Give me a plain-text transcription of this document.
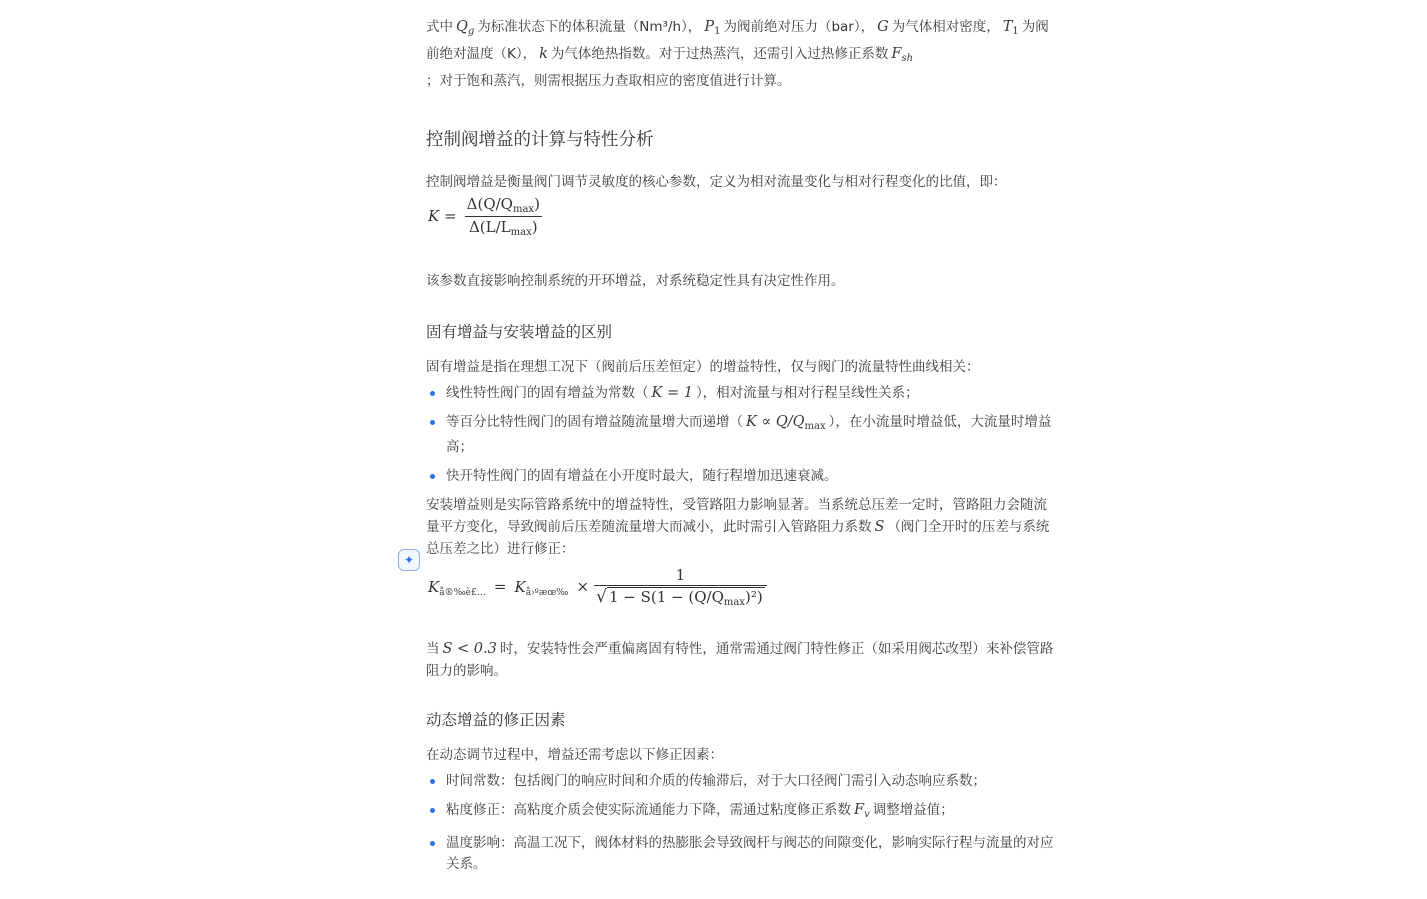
式中 $Q_g$ 为标准状态下的体积流量（Nm³/h）， $P_1$ 为阀前绝对压力（bar）， G 为气体相对密度， $T_1$ 为阀前绝对温度（K）， k 为气体绝热指数。对于过热蒸汽，还需引入过热修正系数 $F_{sh}$
；对于饱和蒸汽，则需根据压力查取相应的密度值进行计算。

控制阀增益的计算与特性分析

控制阀增益是衡量阀门调节灵敏度的核心参数，定义为相对流量变化与相对行程变化的比值，即：

$K = \frac{\Delta(Q/Q_{max})}{\Delta(L/L_{max})}$

该参数直接影响控制系统的开环增益，对系统稳定性具有决定性作用。

固有增益与安装增益的区别

固有增益是指在理想工况下（阀前后压差恒定）的增益特性，仅与阀门的流量特性曲线相关：

线性特性阀门的固有增益为常数（ K = 1 ），相对流量与相对行程呈线性关系；
等百分比特性阀门的固有增益随流量增大而递增（ $K \propto Q/Q_{max}$ ），在小流量时增益低，大流量时增益高；
快开特性阀门的固有增益在小开度时最大，随行程增加迅速衰减。

安装增益则是实际管路系统中的增益特性，受管路阻力影响显著。当系统总压差一定时，管路阻力会随流量平方变化，导致阀前后压差随流量增大而减小，此时需引入管路阻力系数 S （阀门全开时的压差与系统总压差之比）进行修正：

$K_{å®‰è£\dots} = K_{å›ºæœ‰} \times \frac{1}{√ 1 - S(1 - (Q/Q_{max})^2)}$

当 S < 0.3 时，安装特性会严重偏离固有特性，通常需通过阀门特性修正（如采用阀芯改型）来补偿管路阻力的影响。

动态增益的修正因素

在动态调节过程中，增益还需考虑以下修正因素：

时间常数：包括阀门的响应时间和介质的传输滞后，对于大口径阀门需引入动态响应系数；
粘度修正：高粘度介质会使实际流通能力下降，需通过粘度修正系数 $F_v$ 调整增益值；
温度影响：高温工况下，阀体材料的热膨胀会导致阀杆与阀芯的间隙变化，影响实际行程与流量的对应关系。
✦
